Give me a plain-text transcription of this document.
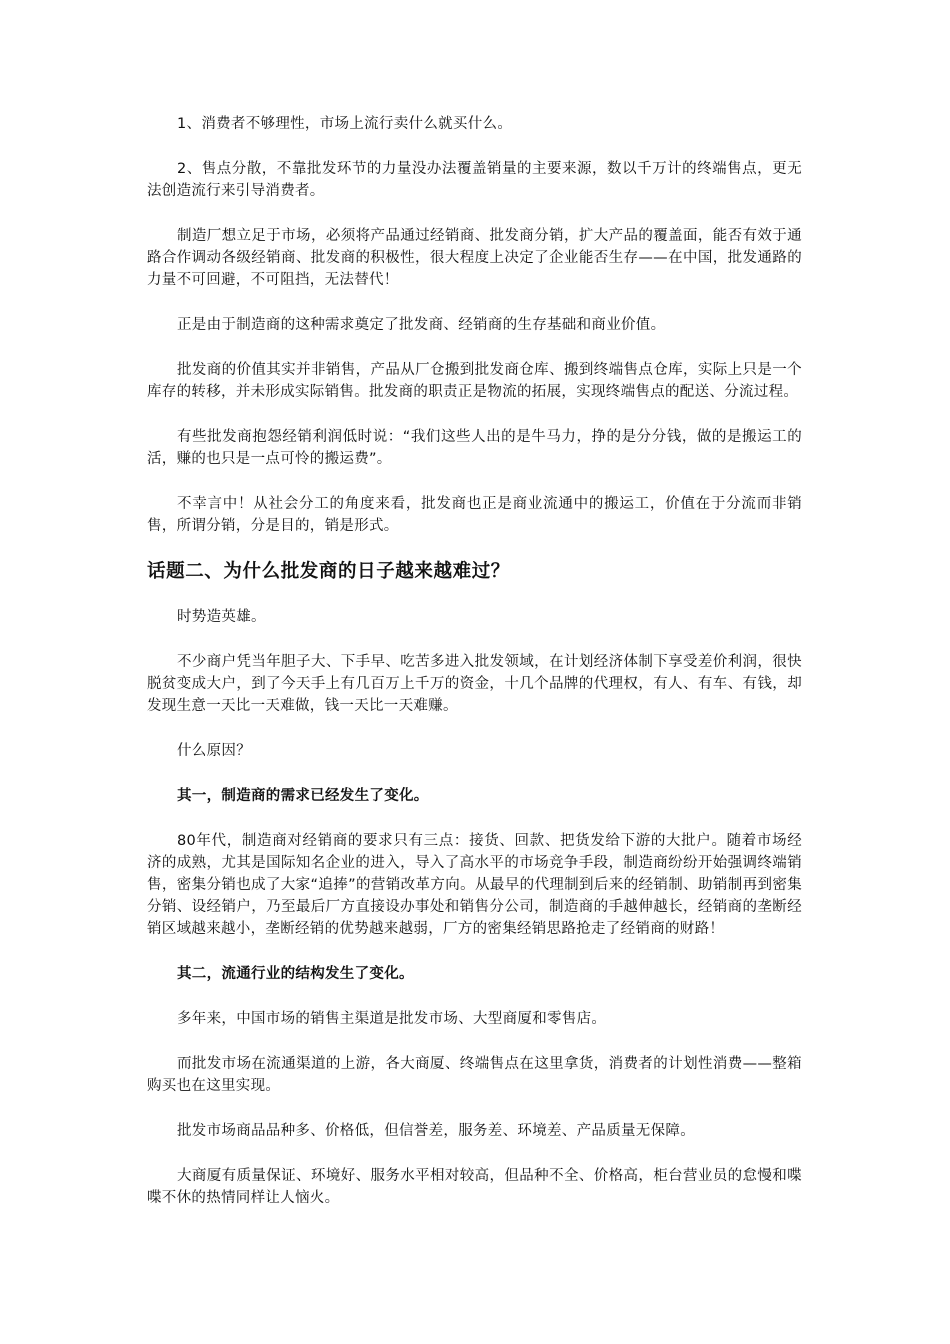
1、消费者不够理性，市场上流行卖什么就买什么。

2、售点分散，不靠批发环节的力量没办法覆盖销量的主要来源，数以千万计的终端售点，更无法创造流行来引导消费者。

制造厂想立足于市场，必须将产品通过经销商、批发商分销，扩大产品的覆盖面，能否有效于通路合作调动各级经销商、批发商的积极性，很大程度上决定了企业能否生存——在中国，批发通路的力量不可回避，不可阻挡，无法替代！

正是由于制造商的这种需求奠定了批发商、经销商的生存基础和商业价值。

批发商的价值其实并非销售，产品从厂仓搬到批发商仓库、搬到终端售点仓库，实际上只是一个库存的转移，并未形成实际销售。批发商的职责正是物流的拓展，实现终端售点的配送、分流过程。

有些批发商抱怨经销利润低时说：“我们这些人出的是牛马力，挣的是分分钱，做的是搬运工的活，赚的也只是一点可怜的搬运费”。

不幸言中！从社会分工的角度来看，批发商也正是商业流通中的搬运工，价值在于分流而非销售，所谓分销，分是目的，销是形式。

话题二、为什么批发商的日子越来越难过？

时势造英雄。

不少商户凭当年胆子大、下手早、吃苦多进入批发领域，在计划经济体制下享受差价利润，很快脱贫变成大户，到了今天手上有几百万上千万的资金，十几个品牌的代理权，有人、有车、有钱，却发现生意一天比一天难做，钱一天比一天难赚。

什么原因？

其一，制造商的需求已经发生了变化。

80年代，制造商对经销商的要求只有三点：接货、回款、把货发给下游的大批户。随着市场经济的成熟，尤其是国际知名企业的进入，导入了高水平的市场竞争手段，制造商纷纷开始强调终端销售，密集分销也成了大家“追捧”的营销改革方向。从最早的代理制到后来的经销制、助销制再到密集分销、设经销户，乃至最后厂方直接设办事处和销售分公司，制造商的手越伸越长，经销商的垄断经销区域越来越小，垄断经销的优势越来越弱，厂方的密集经销思路抢走了经销商的财路！

其二，流通行业的结构发生了变化。

多年来，中国市场的销售主渠道是批发市场、大型商厦和零售店。

而批发市场在流通渠道的上游，各大商厦、终端售点在这里拿货，消费者的计划性消费——整箱购买也在这里实现。

批发市场商品品种多、价格低，但信誉差，服务差、环境差、产品质量无保障。

大商厦有质量保证、环境好、服务水平相对较高，但品种不全、价格高，柜台营业员的怠慢和喋喋不休的热情同样让人恼火。
